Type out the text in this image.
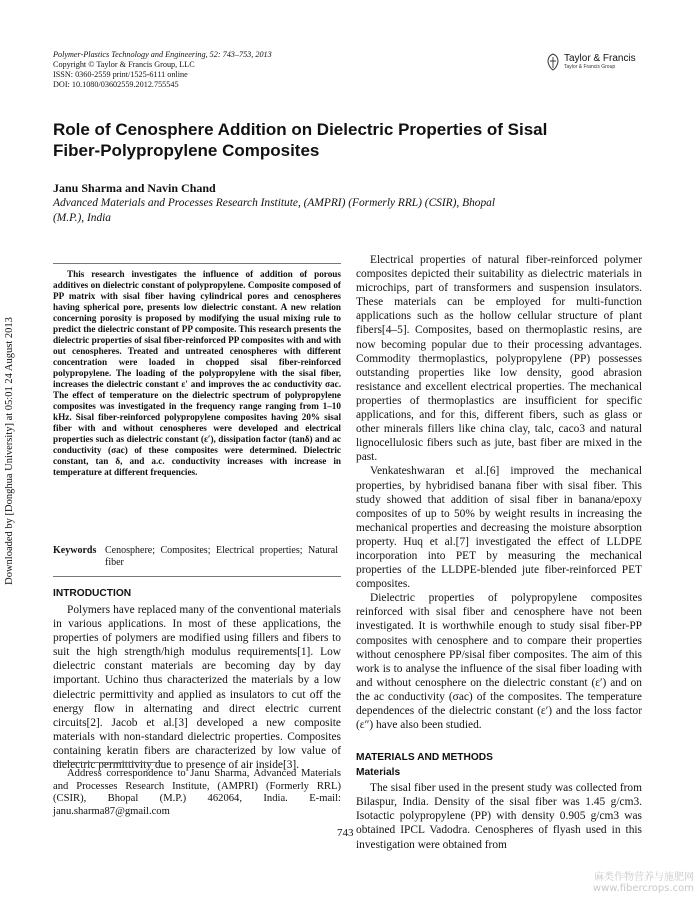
Polymer-Plastics Technology and Engineering, 52: 743–753, 2013
Copyright © Taylor & Francis Group, LLC
ISSN: 0360-2559 print/1525-6111 online
DOI: 10.1080/03602559.2012.755545
Taylor & Francis
Taylor & Francis Group
Downloaded by [Donghua University] at 05:01 24 August 2013
Role of Cenosphere Addition on Dielectric Properties of Sisal Fiber-Polypropylene Composites
Janu Sharma and Navin Chand
Advanced Materials and Processes Research Institute, (AMPRI) (Formerly RRL) (CSIR), Bhopal (M.P.), India

This research investigates the influence of addition of porous additives on dielectric constant of polypropylene. Composite composed of PP matrix with sisal fiber having cylindrical pores and cenospheres having spherical pore, presents low dielectric constant. A new relation concerning porosity is proposed by modifying the usual mixing rule to predict the dielectric constant of PP composite. This research presents the dielectric properties of sisal fiber-reinforced PP composites with and with out cenospheres. Treated and untreated cenospheres with different concentration were loaded in chopped sisal fiber-reinforced polypropylene. The loading of the polypropylene with the sisal fiber, increases the dielectric constant ε′ and improves the ac conductivity σac. The effect of temperature on the dielectric spectrum of polypropylene composites was investigated in the frequency range ranging from 1–10 kHz. Sisal fiber-reinforced polypropylene composites having 20% sisal fiber with and without cenospheres were developed and electrical properties such as dielectric constant (ε′), dissipation factor (tanδ) and ac conductivity (σac) of these composites were determined. Dielectric constant, tan δ, and a.c. conductivity increases with increase in temperature at different frequencies.

Keywords Cenosphere; Composites; Electrical properties; Natural fiber
INTRODUCTION

Polymers have replaced many of the conventional materials in various applications. In most of these applications, the properties of polymers are modified using fillers and fibers to suit the high strength/high modulus requirements[1]. Low dielectric constant materials are becoming day by day important. Uchino thus characterized the materials by a low dielectric permittivity and applied as insulators to cut off the energy flow in alternating and direct electric current circuits[2]. Jacob et al.[3] developed a new composite materials with non-standard dielectric properties. Composites containing keratin fibers are characterized by low value of dielectric permittivity due to presence of air inside[3].

Address correspondence to Janu Sharma, Advanced Materials and Processes Research Institute, (AMPRI) (Formerly RRL) (CSIR), Bhopal (M.P.) 462064, India. E-mail: janu.sharma87@gmail.com

Electrical properties of natural fiber-reinforced polymer composites depicted their suitability as dielectric materials in microchips, part of transformers and suspension insulators. These materials can be employed for multi-function applications such as the hollow cellular structure of plant fibers[4–5]. Composites, based on thermoplastic resins, are now becoming popular due to their processing advantages. Commodity thermoplastics, polypropylene (PP) possesses outstanding properties like low density, good abrasion resistance and excellent electrical properties. The mechanical properties of thermoplastics are insufficient for specific applications, and for this, different fibers, such as glass or other minerals fillers like china clay, talc, caco3 and natural lignocellulosic fibers such as jute, bast fiber are mixed in the past.

Venkateshwaran et al.[6] improved the mechanical properties, by hybridised banana fiber with sisal fiber. This study showed that addition of sisal fiber in banana/epoxy composites of up to 50% by weight results in increasing the mechanical properties and decreasing the moisture absorption property. Huq et al.[7] investigated the effect of LLDPE incorporation into PET by measuring the mechanical properties of the LLDPE-blended jute fiber-reinforced PET composites.

Dielectric properties of polypropylene composites reinforced with sisal fiber and cenosphere have not been investigated. It is worthwhile enough to study sisal fiber-PP composites with cenosphere and to compare their properties without cenosphere PP/sisal fiber composites. The aim of this work is to analyse the influence of the sisal fiber loading with and without cenosphere on the dielectric constant (ε′) and on the ac conductivity (σac) of the composites. The temperature dependences of the dielectric constant (ε′) and the loss factor (ε″) have also been studied.

MATERIALS AND METHODS
Materials

The sisal fiber used in the present study was collected from Bilaspur, India. Density of the sisal fiber was 1.45 g/cm3. Isotactic polypropylene (PP) with density 0.905 g/cm3 was obtained IPCL Vadodra. Cenospheres of flyash used in this investigation were obtained from

743
麻类作物营养与施肥网
www.fibercrops.com
